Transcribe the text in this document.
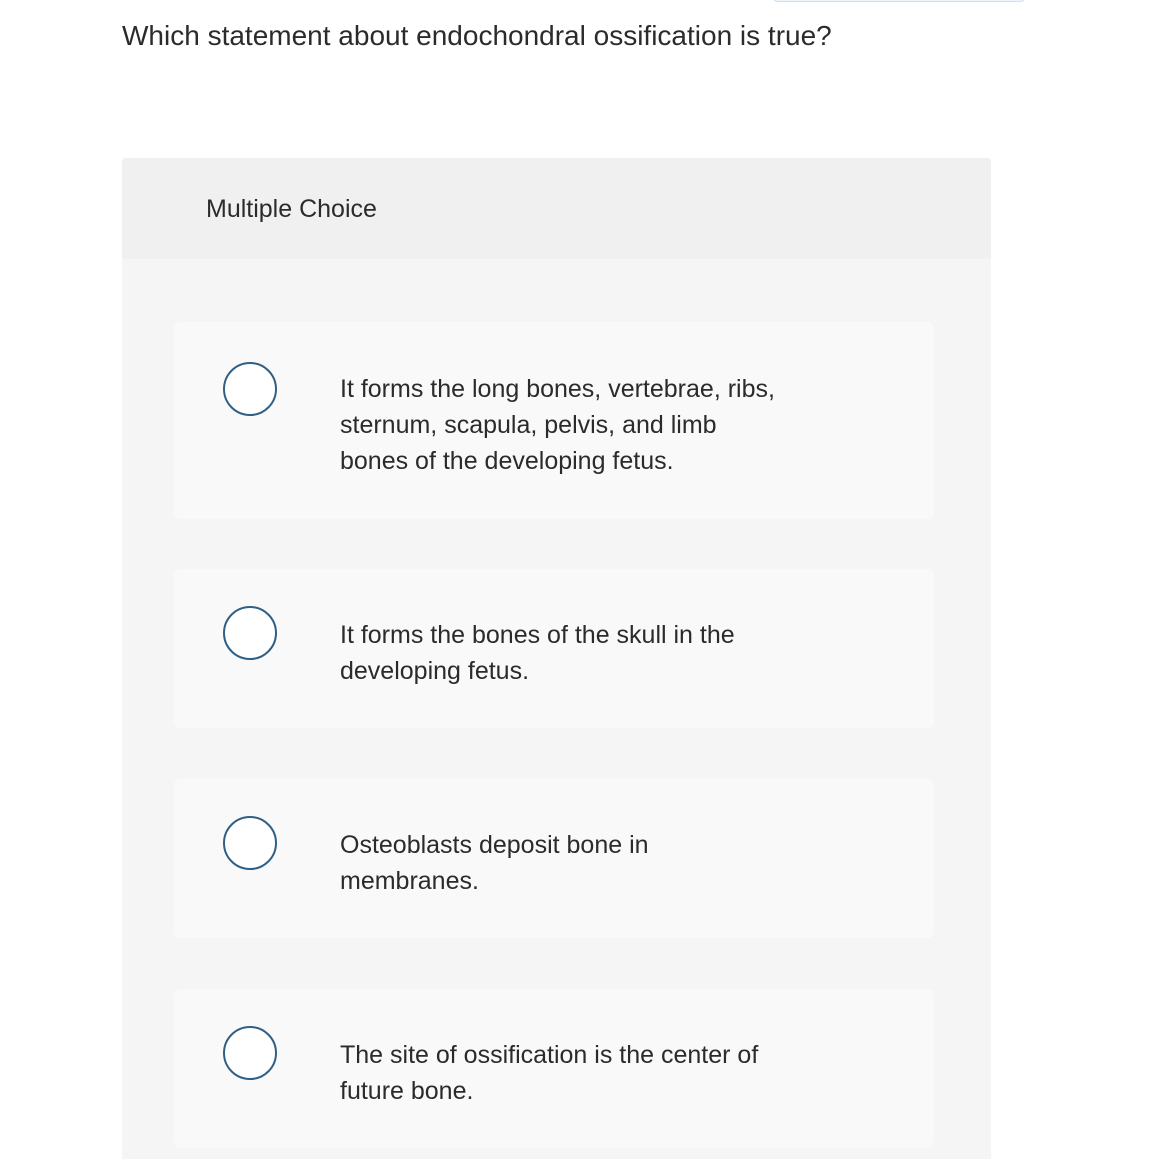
Which statement about endochondral ossification is true?
Multiple Choice
It forms the long bones, vertebrae, ribs, sternum, scapula, pelvis, and limb bones of the developing fetus.
It forms the bones of the skull in the developing fetus.
Osteoblasts deposit bone in membranes.
The site of ossification is the center of future bone.
